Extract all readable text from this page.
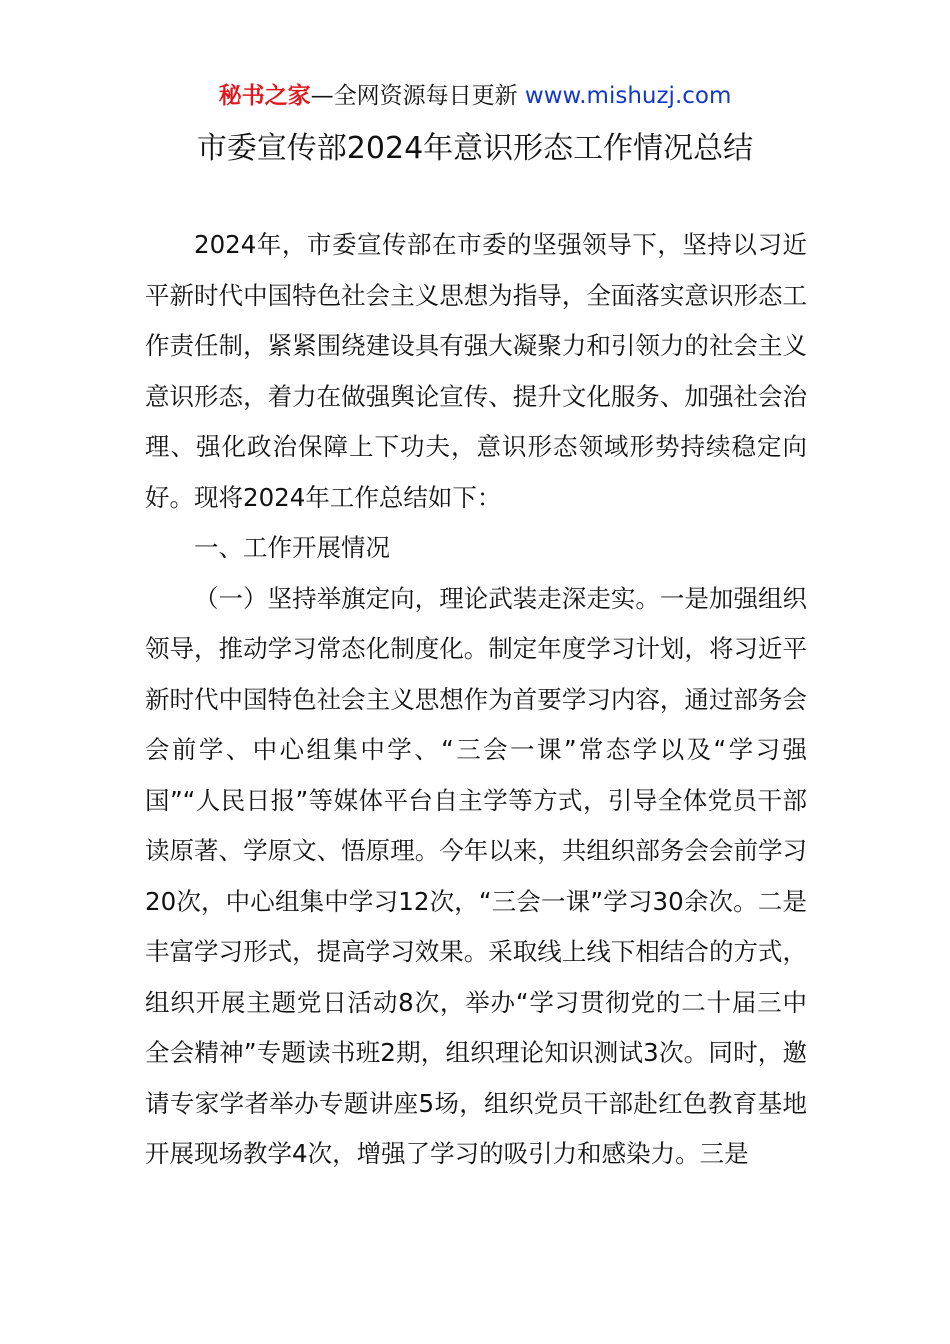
秘书之家—全网资源每日更新 www.mishuzj.com
市委宣传部2024年意识形态工作情况总结

2024年，市委宣传部在市委的坚强领导下，坚持以习近平新时代中国特色社会主义思想为指导，全面落实意识形态工作责任制，紧紧围绕建设具有强大凝聚力和引领力的社会主义意识形态，着力在做强舆论宣传、提升文化服务、加强社会治理、强化政治保障上下功夫，意识形态领域形势持续稳定向好。现将2024年工作总结如下：

一、工作开展情况

（一）坚持举旗定向，理论武装走深走实。一是加强组织领导，推动学习常态化制度化。制定年度学习计划，将习近平新时代中国特色社会主义思想作为首要学习内容，通过部务会会前学、中心组集中学、“三会一课”常态学以及“学习强国”“人民日报”等媒体平台自主学等方式，引导全体党员干部读原著、学原文、悟原理。今年以来，共组织部务会会前学习20次，中心组集中学习12次，“三会一课”学习30余次。二是丰富学习形式，提高学习效果。采取线上线下相结合的方式，组织开展主题党日活动8次，举办“学习贯彻党的二十届三中全会精神”专题读书班2期，组织理论知识测试3次。同时，邀请专家学者举办专题讲座5场，组织党员干部赴红色教育基地开展现场教学4次，增强了学习的吸引力和感染力。三是
